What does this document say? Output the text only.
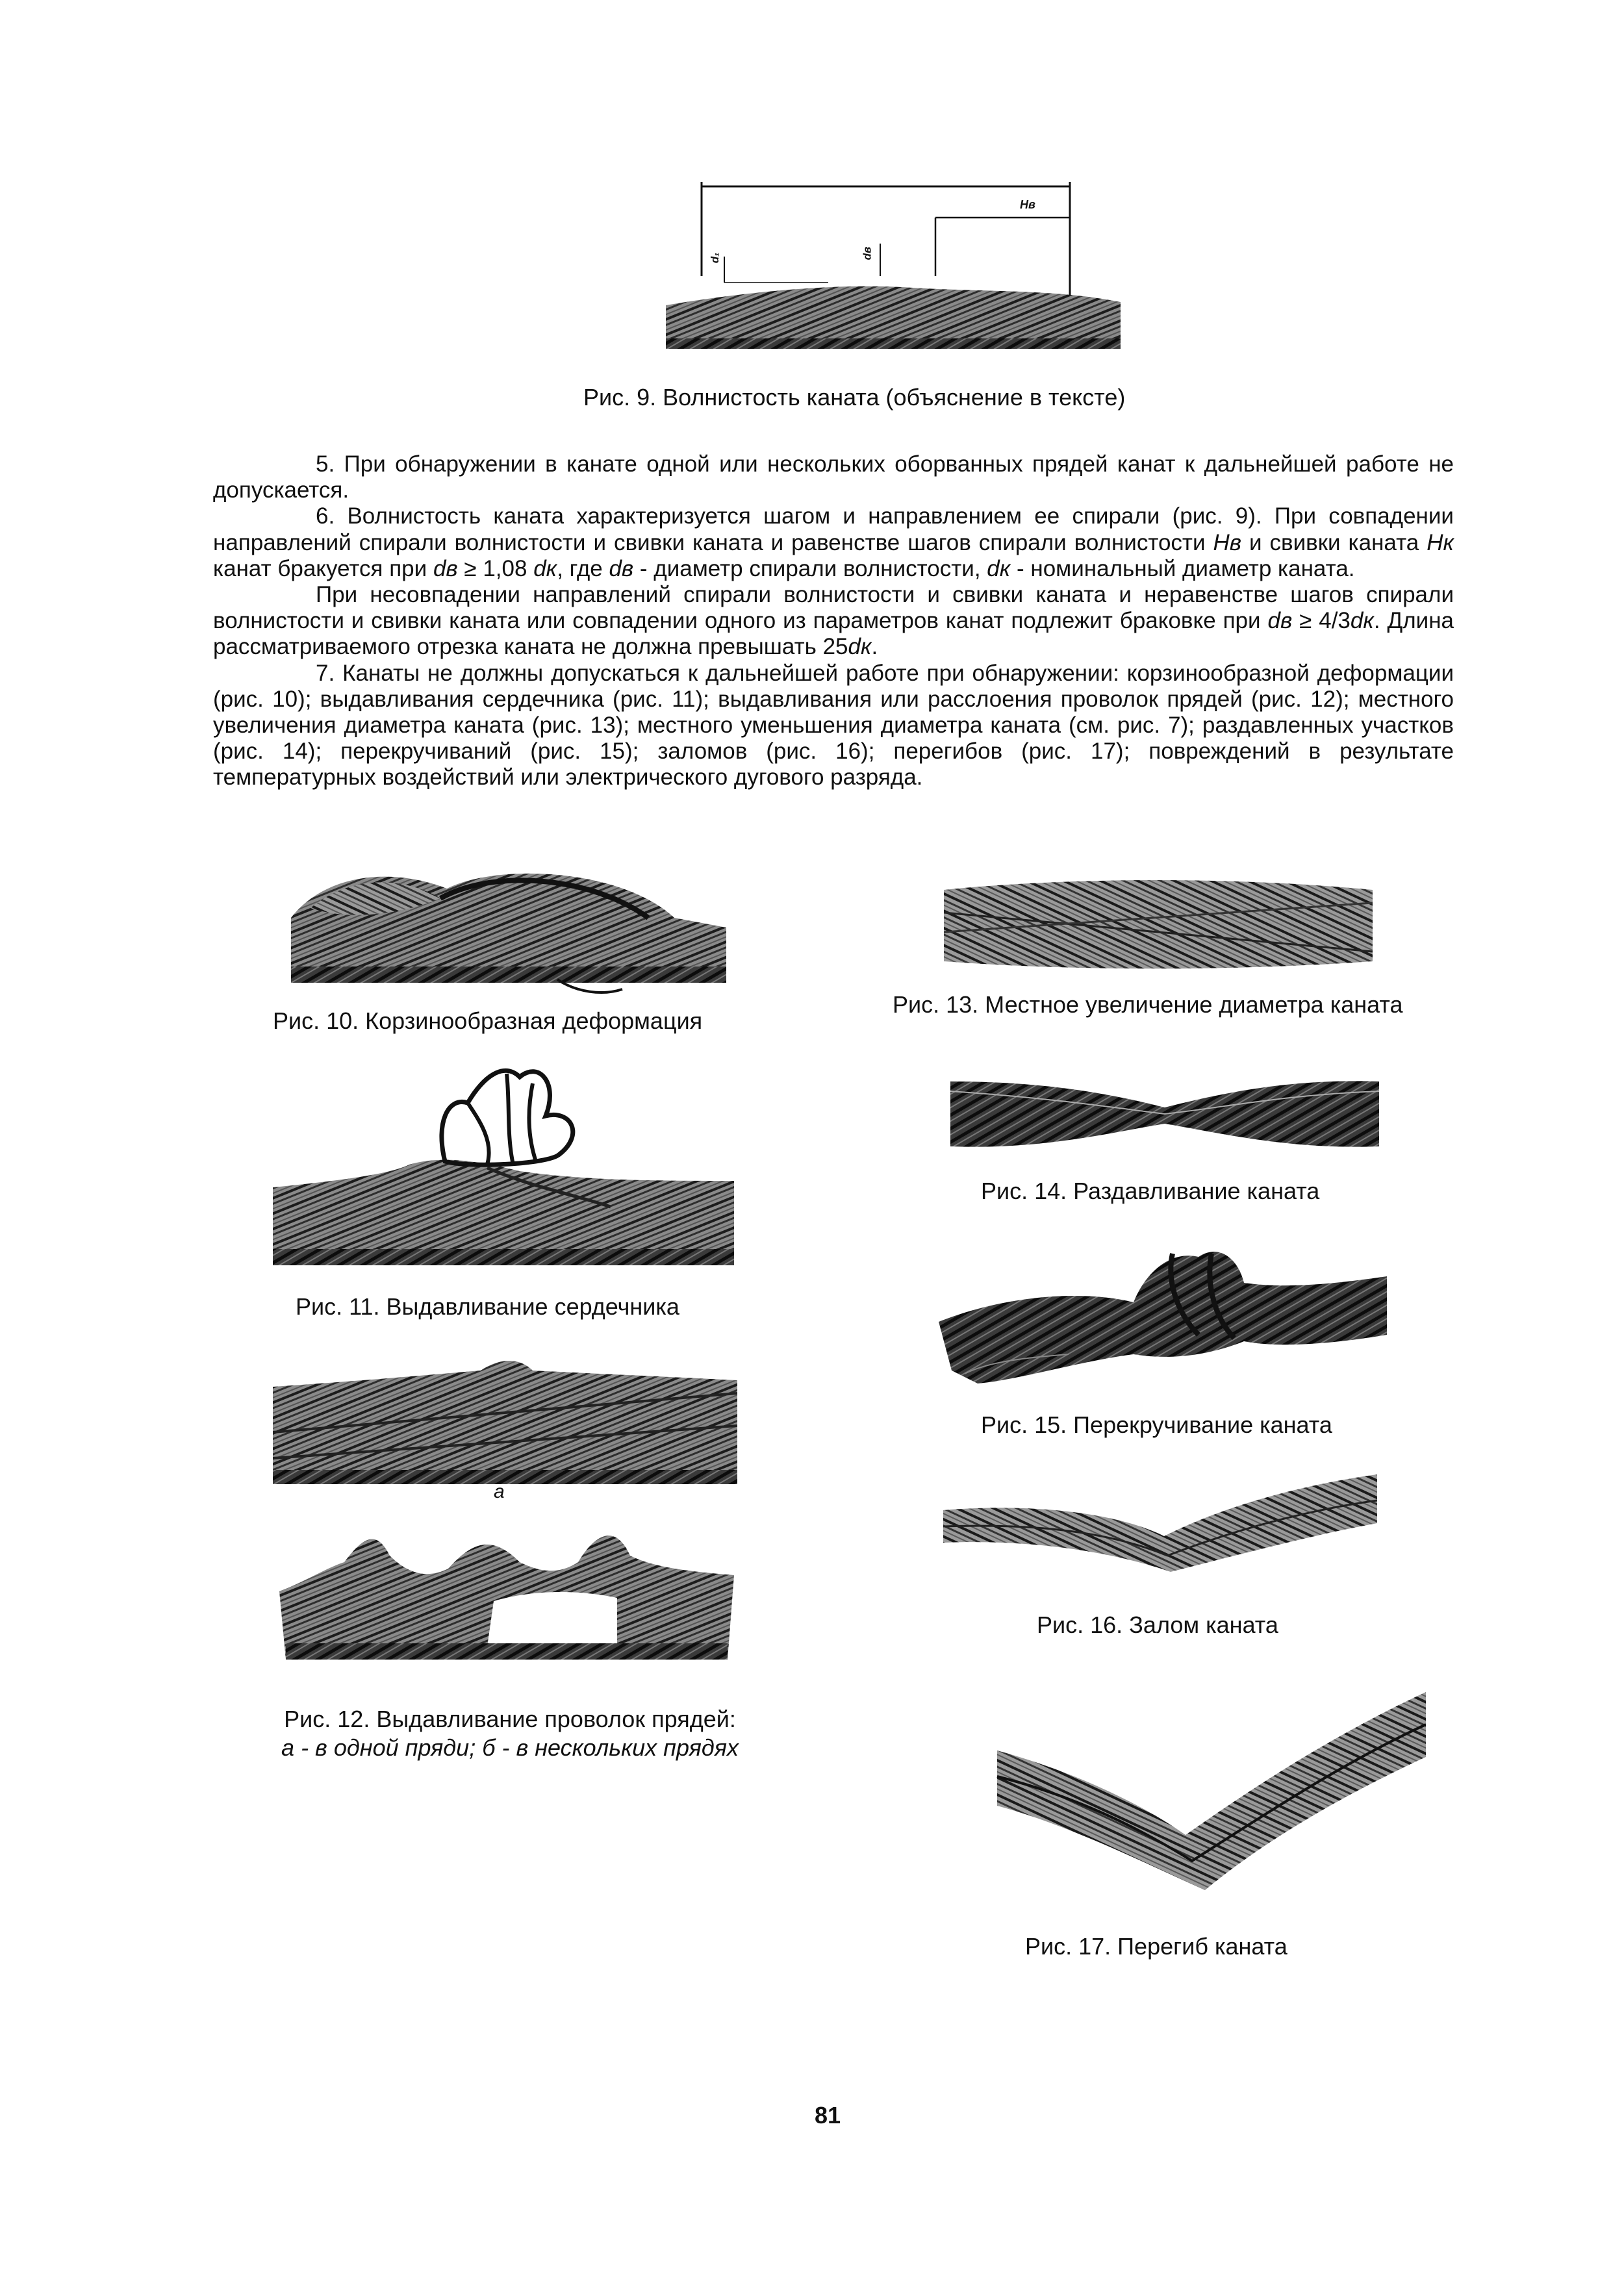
Hв
d₁	dв
Рис. 9. Волнистость каната (объяснение в тексте)

5. При обнаружении в канате одной или нескольких оборванных прядей канат к дальнейшей работе не допускается.

6. Волнистость каната характеризуется шагом и направлением ее спирали (рис. 9). При совпадении направлений спирали волнистости и свивки каната и равенстве шагов спирали волнистости Hв и свивки каната Hк канат бракуется при dв ≥ 1,08 dк, где dв - диаметр спирали волнистости, dк - номинальный диаметр каната.

При несовпадении направлений спирали волнистости и свивки каната и неравенстве шагов спирали волнистости и свивки каната или совпадении одного из параметров канат подлежит браковке при dв ≥ 4/3dк. Длина рассматриваемого отрезка каната не должна превышать 25dк.

7. Канаты не должны допускаться к дальнейшей работе при обнаружении: корзинообразной деформации (рис. 10); выдавливания сердечника (рис. 11); выдавливания или расслоения проволок прядей (рис. 12); местного увеличения диаметра каната (рис. 13); местного уменьшения диаметра каната (см. рис. 7); раздавленных участков (рис. 14); перекручиваний (рис. 15); заломов (рис. 16); перегибов (рис. 17); повреждений в результате температурных воздействий или электрического дугового разряда.

Рис. 10. Корзинообразная деформация
Рис. 13. Местное увеличение диаметра каната
Рис. 11. Выдавливание сердечника
Рис. 14. Раздавливание каната
Рис. 15. Перекручивание каната
а
Рис. 12. Выдавливание проволок прядей:
а - в одной пряди; б - в нескольких прядях
Рис. 16. Залом каната
Рис. 17. Перегиб каната
81
